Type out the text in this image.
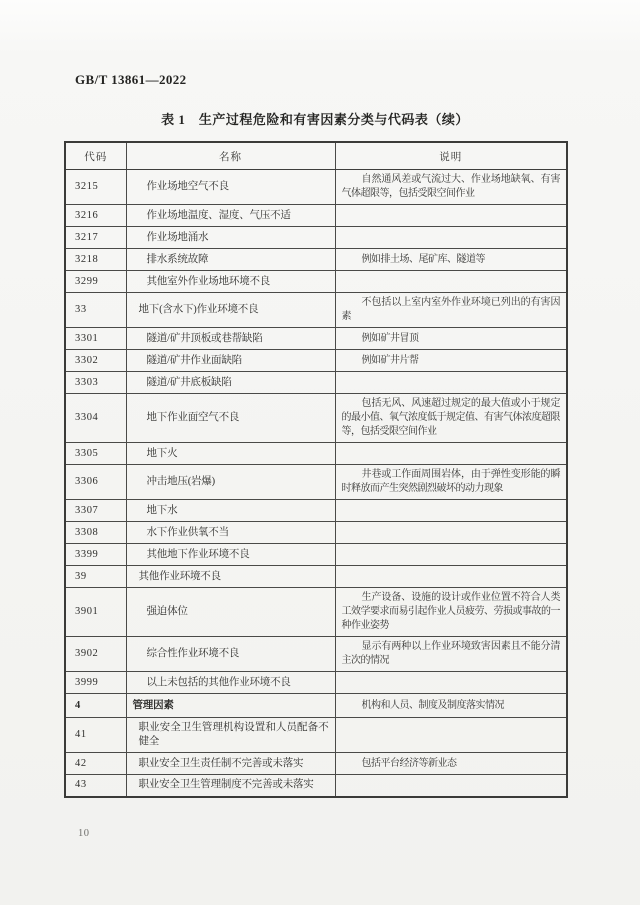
GB/T 13861—2022
表 1　生产过程危险和有害因素分类与代码表（续）
代码	名称	说明
3215	作业场地空气不良	自然通风差或气流过大、作业场地缺氧、有害气体超限等，包括受限空间作业

3216	作业场地温度、湿度、气压不适	
3217	作业场地涌水	
3218	排水系统故障	例如排土场、尾矿库、隧道等

3299	其他室外作业场地环境不良	
33	地下(含水下)作业环境不良	不包括以上室内室外作业环境已列出的有害因素

3301	隧道/矿井顶板或巷帮缺陷	例如矿井冒顶

3302	隧道/矿井作业面缺陷	例如矿井片帮

3303	隧道/矿井底板缺陷	
3304	地下作业面空气不良	包括无风、风速超过规定的最大值或小于规定的最小值、氧气浓度低于规定值、有害气体浓度超限等，包括受限空间作业

3305	地下火	
3306	冲击地压(岩爆)	井巷或工作面周围岩体，由于弹性变形能的瞬时释放而产生突然剧烈破坏的动力现象

3307	地下水	
3308	水下作业供氧不当	
3399	其他地下作业环境不良	
39	其他作业环境不良	
3901	强迫体位	生产设备、设施的设计或作业位置不符合人类工效学要求而易引起作业人员疲劳、劳损或事故的一种作业姿势

3902	综合性作业环境不良	显示有两种以上作业环境致害因素且不能分清主次的情况

3999	以上未包括的其他作业环境不良	
4	管理因素	机构和人员、制度及制度落实情况

41	职业安全卫生管理机构设置和人员配备不健全	
42	职业安全卫生责任制不完善或未落实	包括平台经济等新业态

43	职业安全卫生管理制度不完善或未落实	
10
